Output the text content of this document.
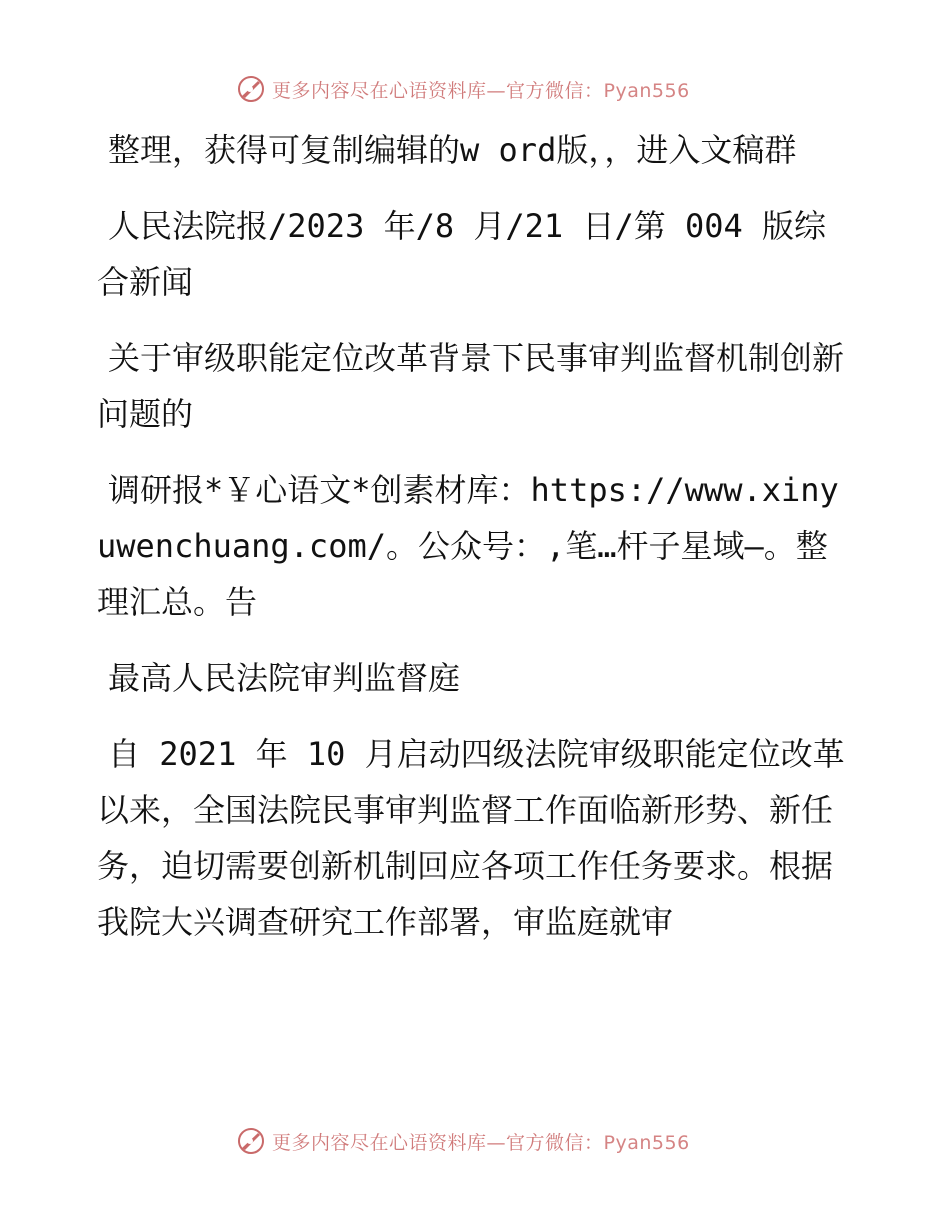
更多内容尽在心语资料库—官方微信：Pyan556

整理，获得可复制编辑的w ord版，，进入文稿群

人民法院报/2023 年/8 月/21 日/第 004 版综合新闻

关于审级职能定位改革背景下民事审判监督机制创新问题的

调研报*￥心语文*创素材库：https://www.xinyuwenchuang.com/。公众号：,笔…杆子星域—。整理汇总。告

最高人民法院审判监督庭

自 2021 年 10 月启动四级法院审级职能定位改革以来，全国法院民事审判监督工作面临新形势、新任务，迫切需要创新机制回应各项工作任务要求。根据我院大兴调查研究工作部署，审监庭就审

更多内容尽在心语资料库—官方微信：Pyan556
